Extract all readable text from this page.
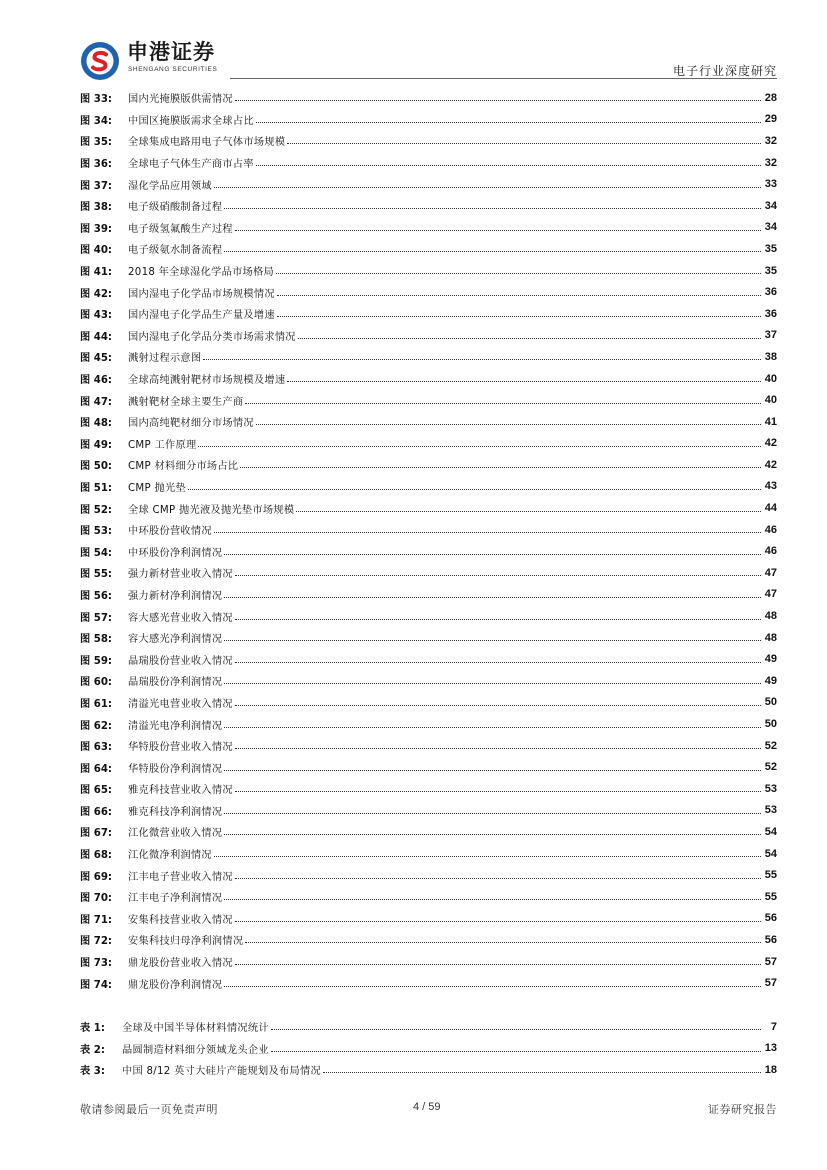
申港证券
SHENGANG SECURITIES	电子行业深度研究
图 33:	国内光掩膜版供需情况	28
图 34:	中国区掩膜版需求全球占比	29
图 35:	全球集成电路用电子气体市场规模	32
图 36:	全球电子气体生产商市占率	32
图 37:	湿化学品应用领域	33
图 38:	电子级硝酸制备过程	34
图 39:	电子级氢氟酸生产过程	34
图 40:	电子级氨水制备流程	35
图 41:	2018 年全球湿化学品市场格局	35
图 42:	国内湿电子化学品市场规模情况	36
图 43:	国内湿电子化学品生产量及增速	36
图 44:	国内湿电子化学品分类市场需求情况	37
图 45:	溅射过程示意图	38
图 46:	全球高纯溅射靶材市场规模及增速	40
图 47:	溅射靶材全球主要生产商	40
图 48:	国内高纯靶材细分市场情况	41
图 49:	CMP 工作原理	42
图 50:	CMP 材料细分市场占比	42
图 51:	CMP 抛光垫	43
图 52:	全球 CMP 抛光液及抛光垫市场规模	44
图 53:	中环股份营收情况	46
图 54:	中环股份净利润情况	46
图 55:	强力新材营业收入情况	47
图 56:	强力新材净利润情况	47
图 57:	容大感光营业收入情况	48
图 58:	容大感光净利润情况	48
图 59:	晶瑞股份营业收入情况	49
图 60:	晶瑞股份净利润情况	49
图 61:	清溢光电营业收入情况	50
图 62:	清溢光电净利润情况	50
图 63:	华特股份营业收入情况	52
图 64:	华特股份净利润情况	52
图 65:	雅克科技营业收入情况	53
图 66:	雅克科技净利润情况	53
图 67:	江化微营业收入情况	54
图 68:	江化微净利润情况	54
图 69:	江丰电子营业收入情况	55
图 70:	江丰电子净利润情况	55
图 71:	安集科技营业收入情况	56
图 72:	安集科技归母净利润情况	56
图 73:	鼎龙股份营业收入情况	57
图 74:	鼎龙股份净利润情况	57
表 1:	全球及中国半导体材料情况统计	7
表 2:	晶圆制造材料细分领域龙头企业	13
表 3:	中国 8/12 英寸大硅片产能规划及布局情况	18
敬请参阅最后一页免责声明	4 / 59	证券研究报告
